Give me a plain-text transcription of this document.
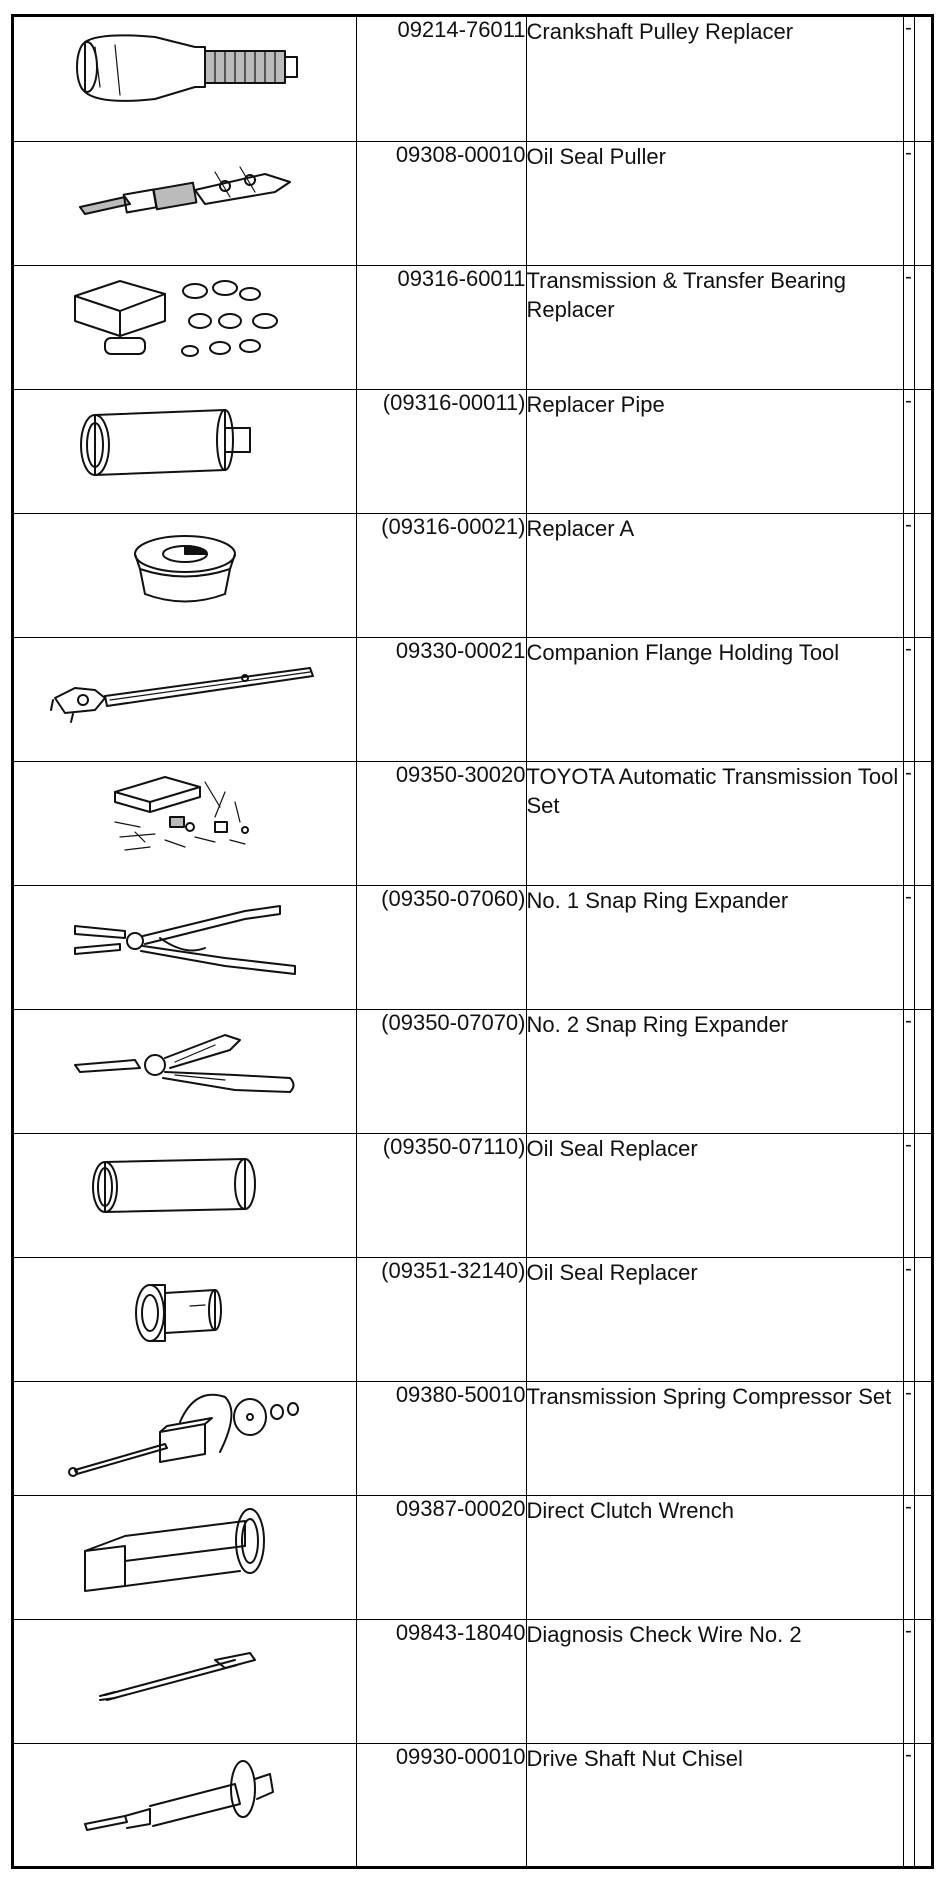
	09214-76011	Crankshaft Pulley Replacer	-	

	09308-00010	Oil Seal Puller	-	

	09316-60011	Transmission & Transfer Bearing Replacer	-	

	(09316-00011)	Replacer Pipe	-	

	(09316-00021)	Replacer A	-	

	09330-00021	Companion Flange Holding Tool	-	

	09350-30020	TOYOTA Automatic Transmission Tool Set	-	

	(09350-07060)	No. 1 Snap Ring Expander	-	

	(09350-07070)	No. 2 Snap Ring Expander	-	

	(09350-07110)	Oil Seal Replacer	-	

	(09351-32140)	Oil Seal Replacer	-	

	09380-50010	Transmission Spring Compressor Set	-	

	09387-00020	Direct Clutch Wrench	-	

	09843-18040	Diagnosis Check Wire No. 2	-	

	09930-00010	Drive Shaft Nut Chisel	-	
